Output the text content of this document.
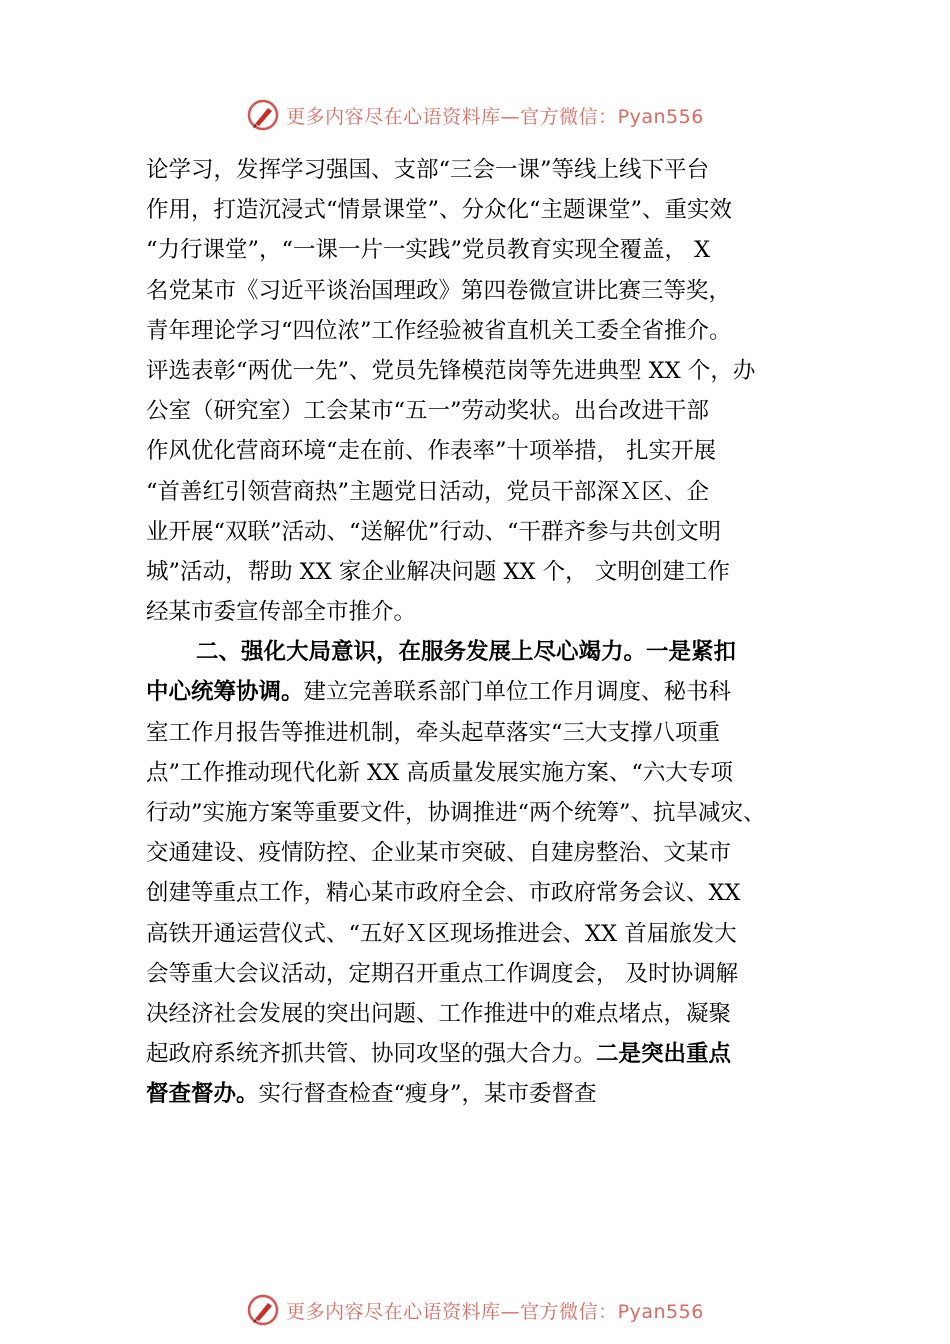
更多内容尽在心语资料库—官方微信：Pyan556
论学习，发挥学习强国、支部“三会一课”等线上线下平台
作用，打造沉浸式“情景课堂”、分众化“主题课堂”、重实效
“力行课堂”，“一课一片一实践”党员教育实现全覆盖， X
名党某市《习近平谈治国理政》第四卷微宣讲比赛三等奖，
青年理论学习“四位浓”工作经验被省直机关工委全省推介。
评选表彰“两优一先”、党员先锋模范岗等先进典型 XX 个，办
公室（研究室）工会某市“五一”劳动奖状。出台改进干部
作风优化营商环境“走在前、作表率”十项举措， 扎实开展
“首善红引领营商热”主题党日活动，党员干部深Ｘ区、企
业开展“双联”活动、“送解优”行动、“干群齐参与共创文明
城”活动，帮助 XX 家企业解决问题 XX 个， 文明创建工作
经某市委宣传部全市推介。
二、强化大局意识，在服务发展上尽心竭力。一是紧扣
中心统筹协调。建立完善联系部门单位工作月调度、秘书科
室工作月报告等推进机制，牵头起草落实“三大支撑八项重
点”工作推动现代化新 XX 高质量发展实施方案、“六大专项
行动”实施方案等重要文件，协调推进“两个统筹”、抗旱减灾、
交通建设、疫情防控、企业某市突破、自建房整治、文某市
创建等重点工作，精心某市政府全会、市政府常务会议、XX
高铁开通运营仪式、“五好Ｘ区现场推进会、XX 首届旅发大
会等重大会议活动，定期召开重点工作调度会， 及时协调解
决经济社会发展的突出问题、工作推进中的难点堵点，凝聚
起政府系统齐抓共管、协同攻坚的强大合力。二是突出重点
督查督办。实行督查检查“瘦身”，某市委督查
更多内容尽在心语资料库—官方微信：Pyan556
